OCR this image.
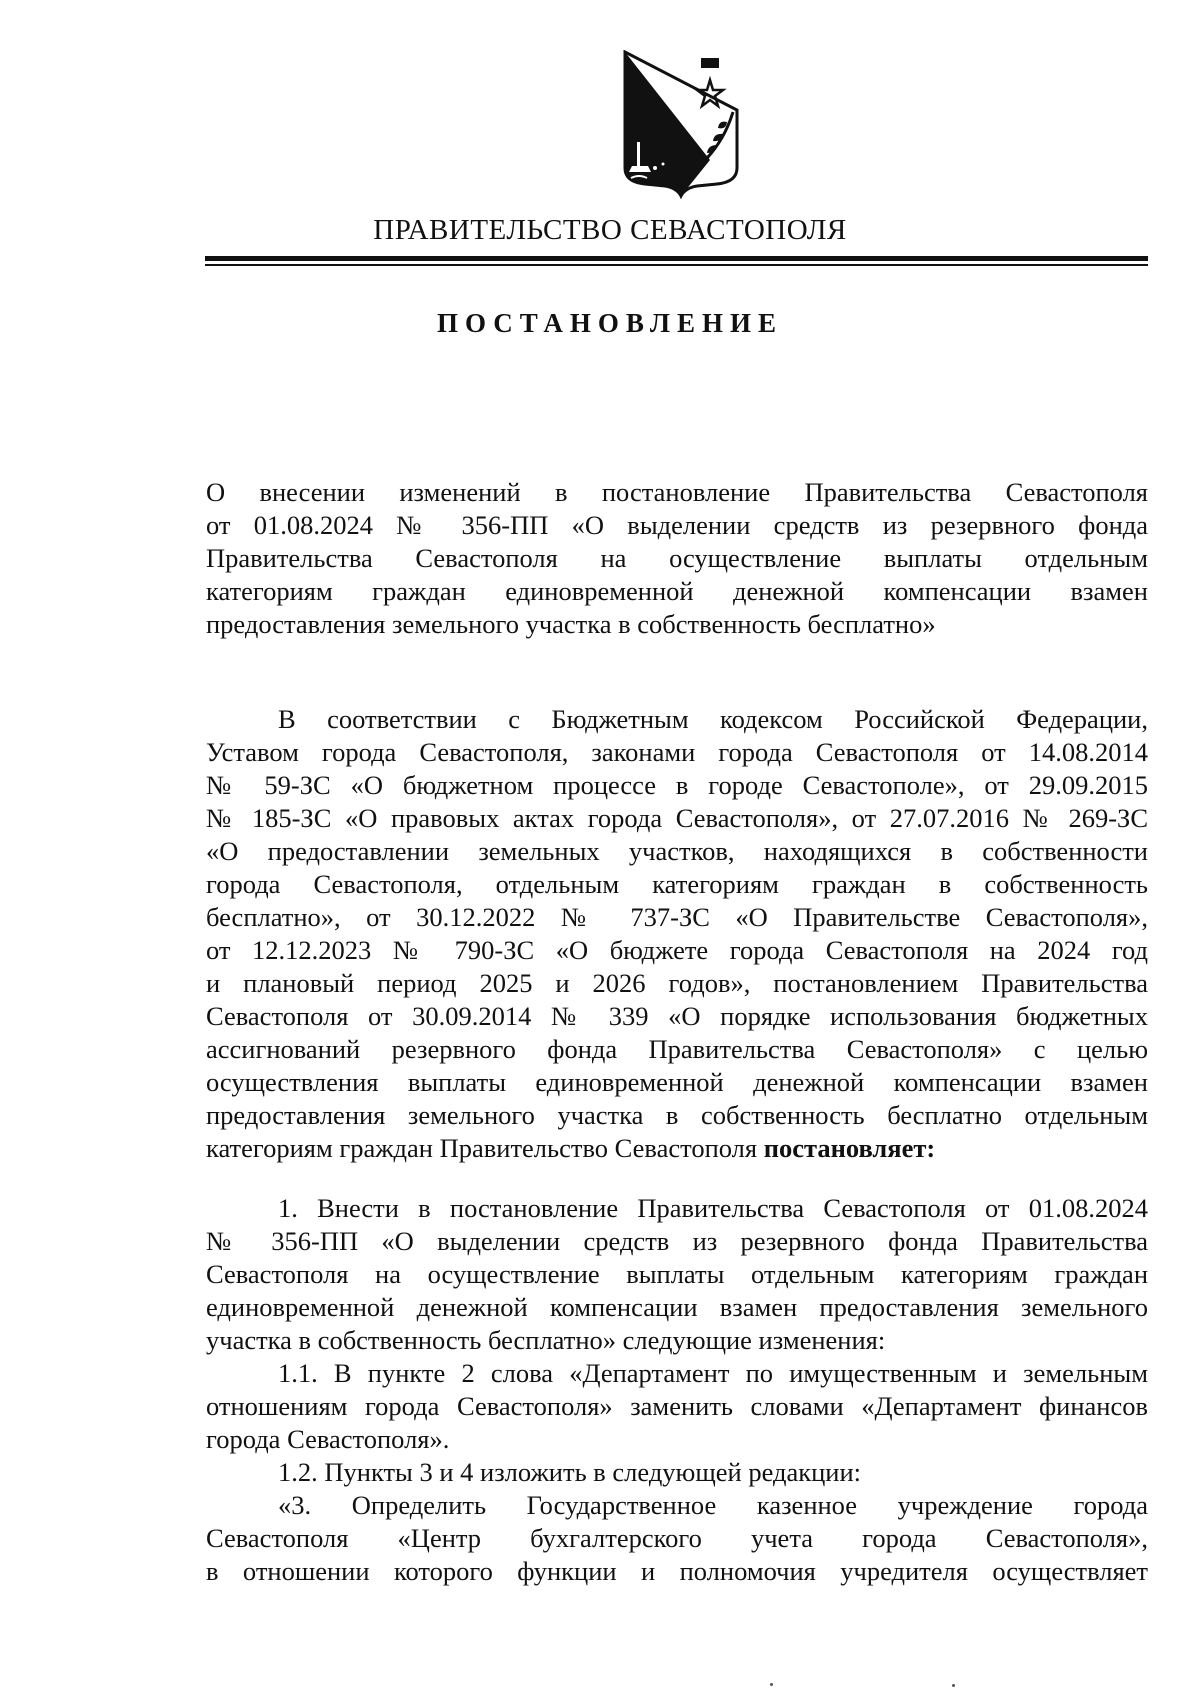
ПРАВИТЕЛЬСТВО СЕВАСТОПОЛЯ
ПОСТАНОВЛЕНИЕ
О внесении изменений в постановление Правительства Севастополя
от 01.08.2024 № 356-ПП «О выделении средств из резервного фонда
Правительства Севастополя на осуществление выплаты отдельным
категориям граждан единовременной денежной компенсации взамен
предоставления земельного участка в собственность бесплатно»
В соответствии с Бюджетным кодексом Российской Федерации,
Уставом города Севастополя, законами города Севастополя от 14.08.2014
№ 59-ЗС «О бюджетном процессе в городе Севастополе», от 29.09.2015
№ 185-ЗС «О правовых актах города Севастополя», от 27.07.2016 № 269-ЗС
«О предоставлении земельных участков, находящихся в собственности
города Севастополя, отдельным категориям граждан в собственность
бесплатно», от 30.12.2022 № 737-ЗС «О Правительстве Севастополя»,
от 12.12.2023 № 790-ЗС «О бюджете города Севастополя на 2024 год
и плановый период 2025 и 2026 годов», постановлением Правительства
Севастополя от 30.09.2014 № 339 «О порядке использования бюджетных
ассигнований резервного фонда Правительства Севастополя» с целью
осуществления выплаты единовременной денежной компенсации взамен
предоставления земельного участка в собственность бесплатно отдельным
категориям граждан Правительство Севастополя постановляет:
1. Внести в постановление Правительства Севастополя от 01.08.2024
№ 356-ПП «О выделении средств из резервного фонда Правительства
Севастополя на осуществление выплаты отдельным категориям граждан
единовременной денежной компенсации взамен предоставления земельного
участка в собственность бесплатно» следующие изменения:
1.1. В пункте 2 слова «Департамент по имущественным и земельным
отношениям города Севастополя» заменить словами «Департамент финансов
города Севастополя».
1.2. Пункты 3 и 4 изложить в следующей редакции:
«3. Определить Государственное казенное учреждение города
Севастополя «Центр бухгалтерского учета города Севастополя»,
в отношении которого функции и полномочия учредителя осуществляет
